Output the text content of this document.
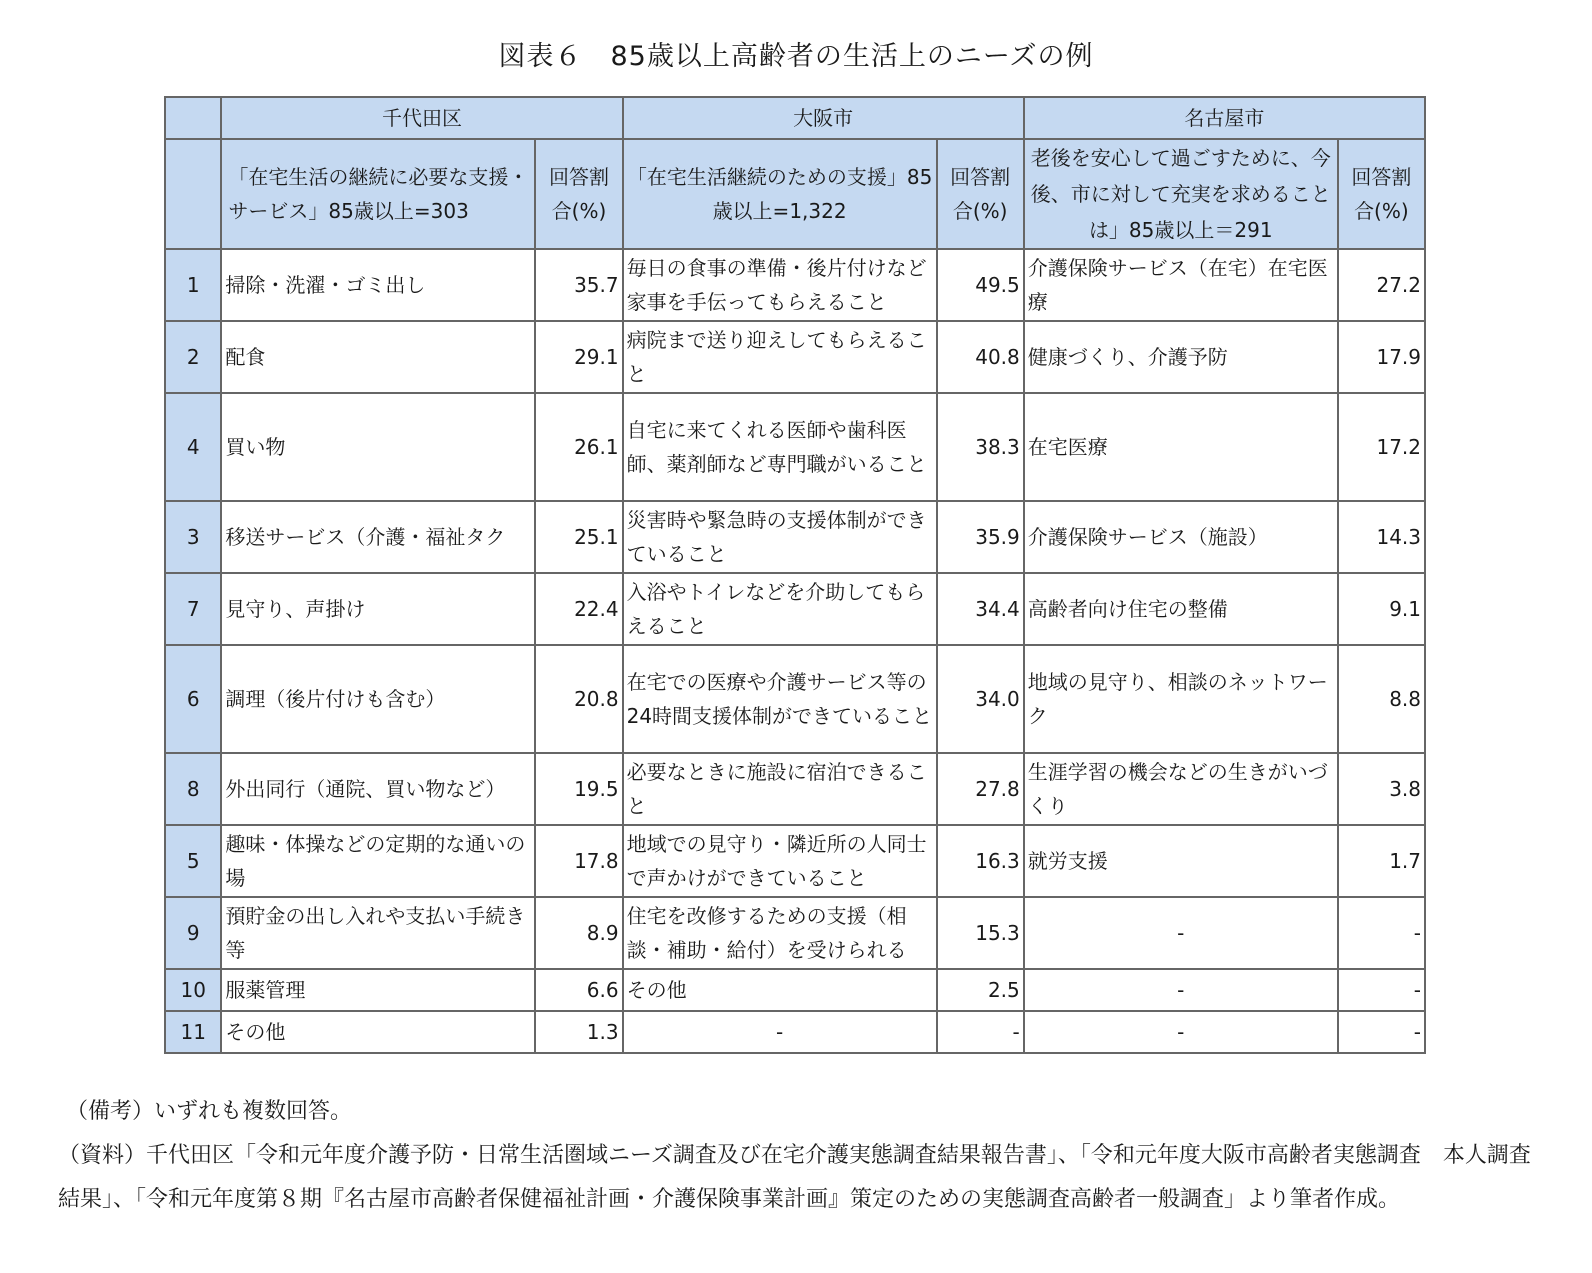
図表６　85歳以上高齢者の生活上のニーズの例
	千代田区		大阪市		名古屋市	
	「在宅生活の継続に必要な支援・サービス」85歳以上=303	回答割合(%)	「在宅生活継続のための支援」85歳以上=1,322	回答割合(%)	老後を安心して過ごすために、今後、市に対して充実を求めることは」85歳以上＝291	回答割合(%)
1	掃除・洗濯・ゴミ出し	35.7	毎日の食事の準備・後片付けなど家事を手伝ってもらえること	49.5	介護保険サービス（在宅）在宅医療	27.2
2	配食	29.1	病院まで送り迎えしてもらえること	40.8	健康づくり、介護予防	17.9
4	買い物	26.1	自宅に来てくれる医師や歯科医師、薬剤師など専門職がいること	38.3	在宅医療	17.2
3	移送サービス（介護・福祉タク	25.1	災害時や緊急時の支援体制ができていること	35.9	介護保険サービス（施設）	14.3
7	見守り、声掛け	22.4	入浴やトイレなどを介助してもらえること	34.4	高齢者向け住宅の整備	9.1
6	調理（後片付けも含む）	20.8	在宅での医療や介護サービス等の24時間支援体制ができていること	34.0	地域の見守り、相談のネットワーク	8.8
8	外出同行（通院、買い物など）	19.5	必要なときに施設に宿泊できること	27.8	生涯学習の機会などの生きがいづくり	3.8
5	趣味・体操などの定期的な通いの場	17.8	地域での見守り・隣近所の人同士で声かけができていること	16.3	就労支援	1.7
9	預貯金の出し入れや支払い手続き等	8.9	住宅を改修するための支援（相談・補助・給付）を受けられる	15.3	-	-
10	服薬管理	6.6	その他	2.5	-	-
11	その他	1.3	-	-	-	-

（備考）いずれも複数回答。

（資料）千代田区「令和元年度介護予防・日常生活圏域ニーズ調査及び在宅介護実態調査結果報告書」、「令和元年度大阪市高齢者実態調査　本人調査結果」、「令和元年度第８期『名古屋市高齢者保健福祉計画・介護保険事業計画』策定のための実態調査高齢者一般調査」より筆者作成。
